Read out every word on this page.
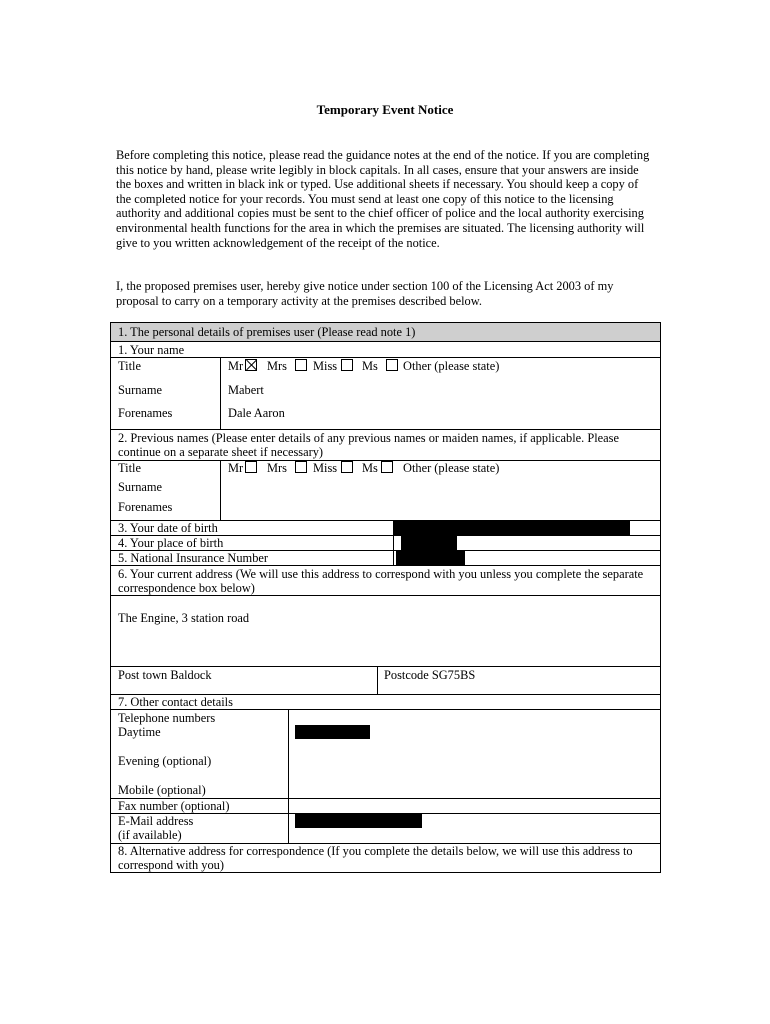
Temporary Event Notice
Before completing this notice, please read the guidance notes at the end of the notice. If you are completing this notice by hand, please write legibly in block capitals. In all cases, ensure that your answers are inside the boxes and written in black ink or typed. Use additional sheets if necessary. You should keep a copy of the completed notice for your records. You must send at least one copy of this notice to the licensing authority and additional copies must be sent to the chief officer of police and the local authority exercising environmental health functions for the area in which the premises are situated. The licensing authority will give to you written acknowledgement of the receipt of the notice.
I, the proposed premises user, hereby give notice under section 100 of the Licensing Act 2003 of my proposal to carry on a temporary activity at the premises described below.
1. The personal details of premises user (Please read note 1)
1. Your name
Title	Mr Mrs Miss Ms Other (please state)
Surname	Mabert
Forenames	Dale Aaron
2. Previous names (Please enter details of any previous names or maiden names, if applicable. Please continue on a separate sheet if necessary)
Title	Mr Mrs Miss Ms Other (please state)
Surname
Forenames
3. Your date of birth
4. Your place of birth
5. National Insurance Number
6. Your current address (We will use this address to correspond with you unless you complete the separate correspondence box below)
The Engine, 3 station road
Post town Baldock	Postcode SG75BS
7. Other contact details
Telephone numbers
Daytime
Evening (optional)
Mobile (optional)
Fax number (optional)
E-Mail address
(if available)
8. Alternative address for correspondence (If you complete the details below, we will use this address to correspond with you)
